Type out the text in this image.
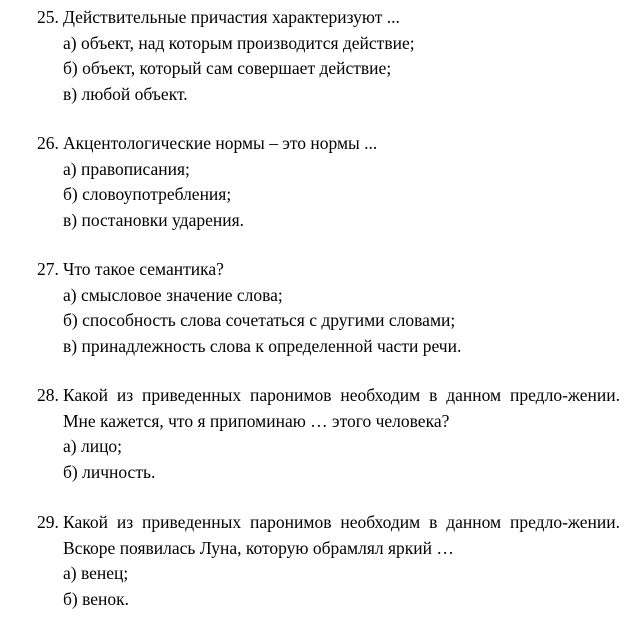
25. Действительные причастия характеризуют ...
а) объект, над которым производится действие;
б) объект, который сам совершает действие;
в) любой объект.
26. Акцентологические нормы – это нормы ...
а) правописания;
б) словоупотребления;
в) постановки ударения.
27. Что такое семантика?
а) смысловое значение слова;
б) способность слова сочетаться с другими словами;
в) принадлежность слова к определенной части речи.
28. Какой из приведенных паронимов необходим в данном предло-жении. Мне кажется, что я припоминаю … этого человека?
а) лицо;
б) личность.
29. Какой из приведенных паронимов необходим в данном предло-жении. Вскоре появилась Луна, которую обрамлял яркий …
а) венец;
б) венок.
